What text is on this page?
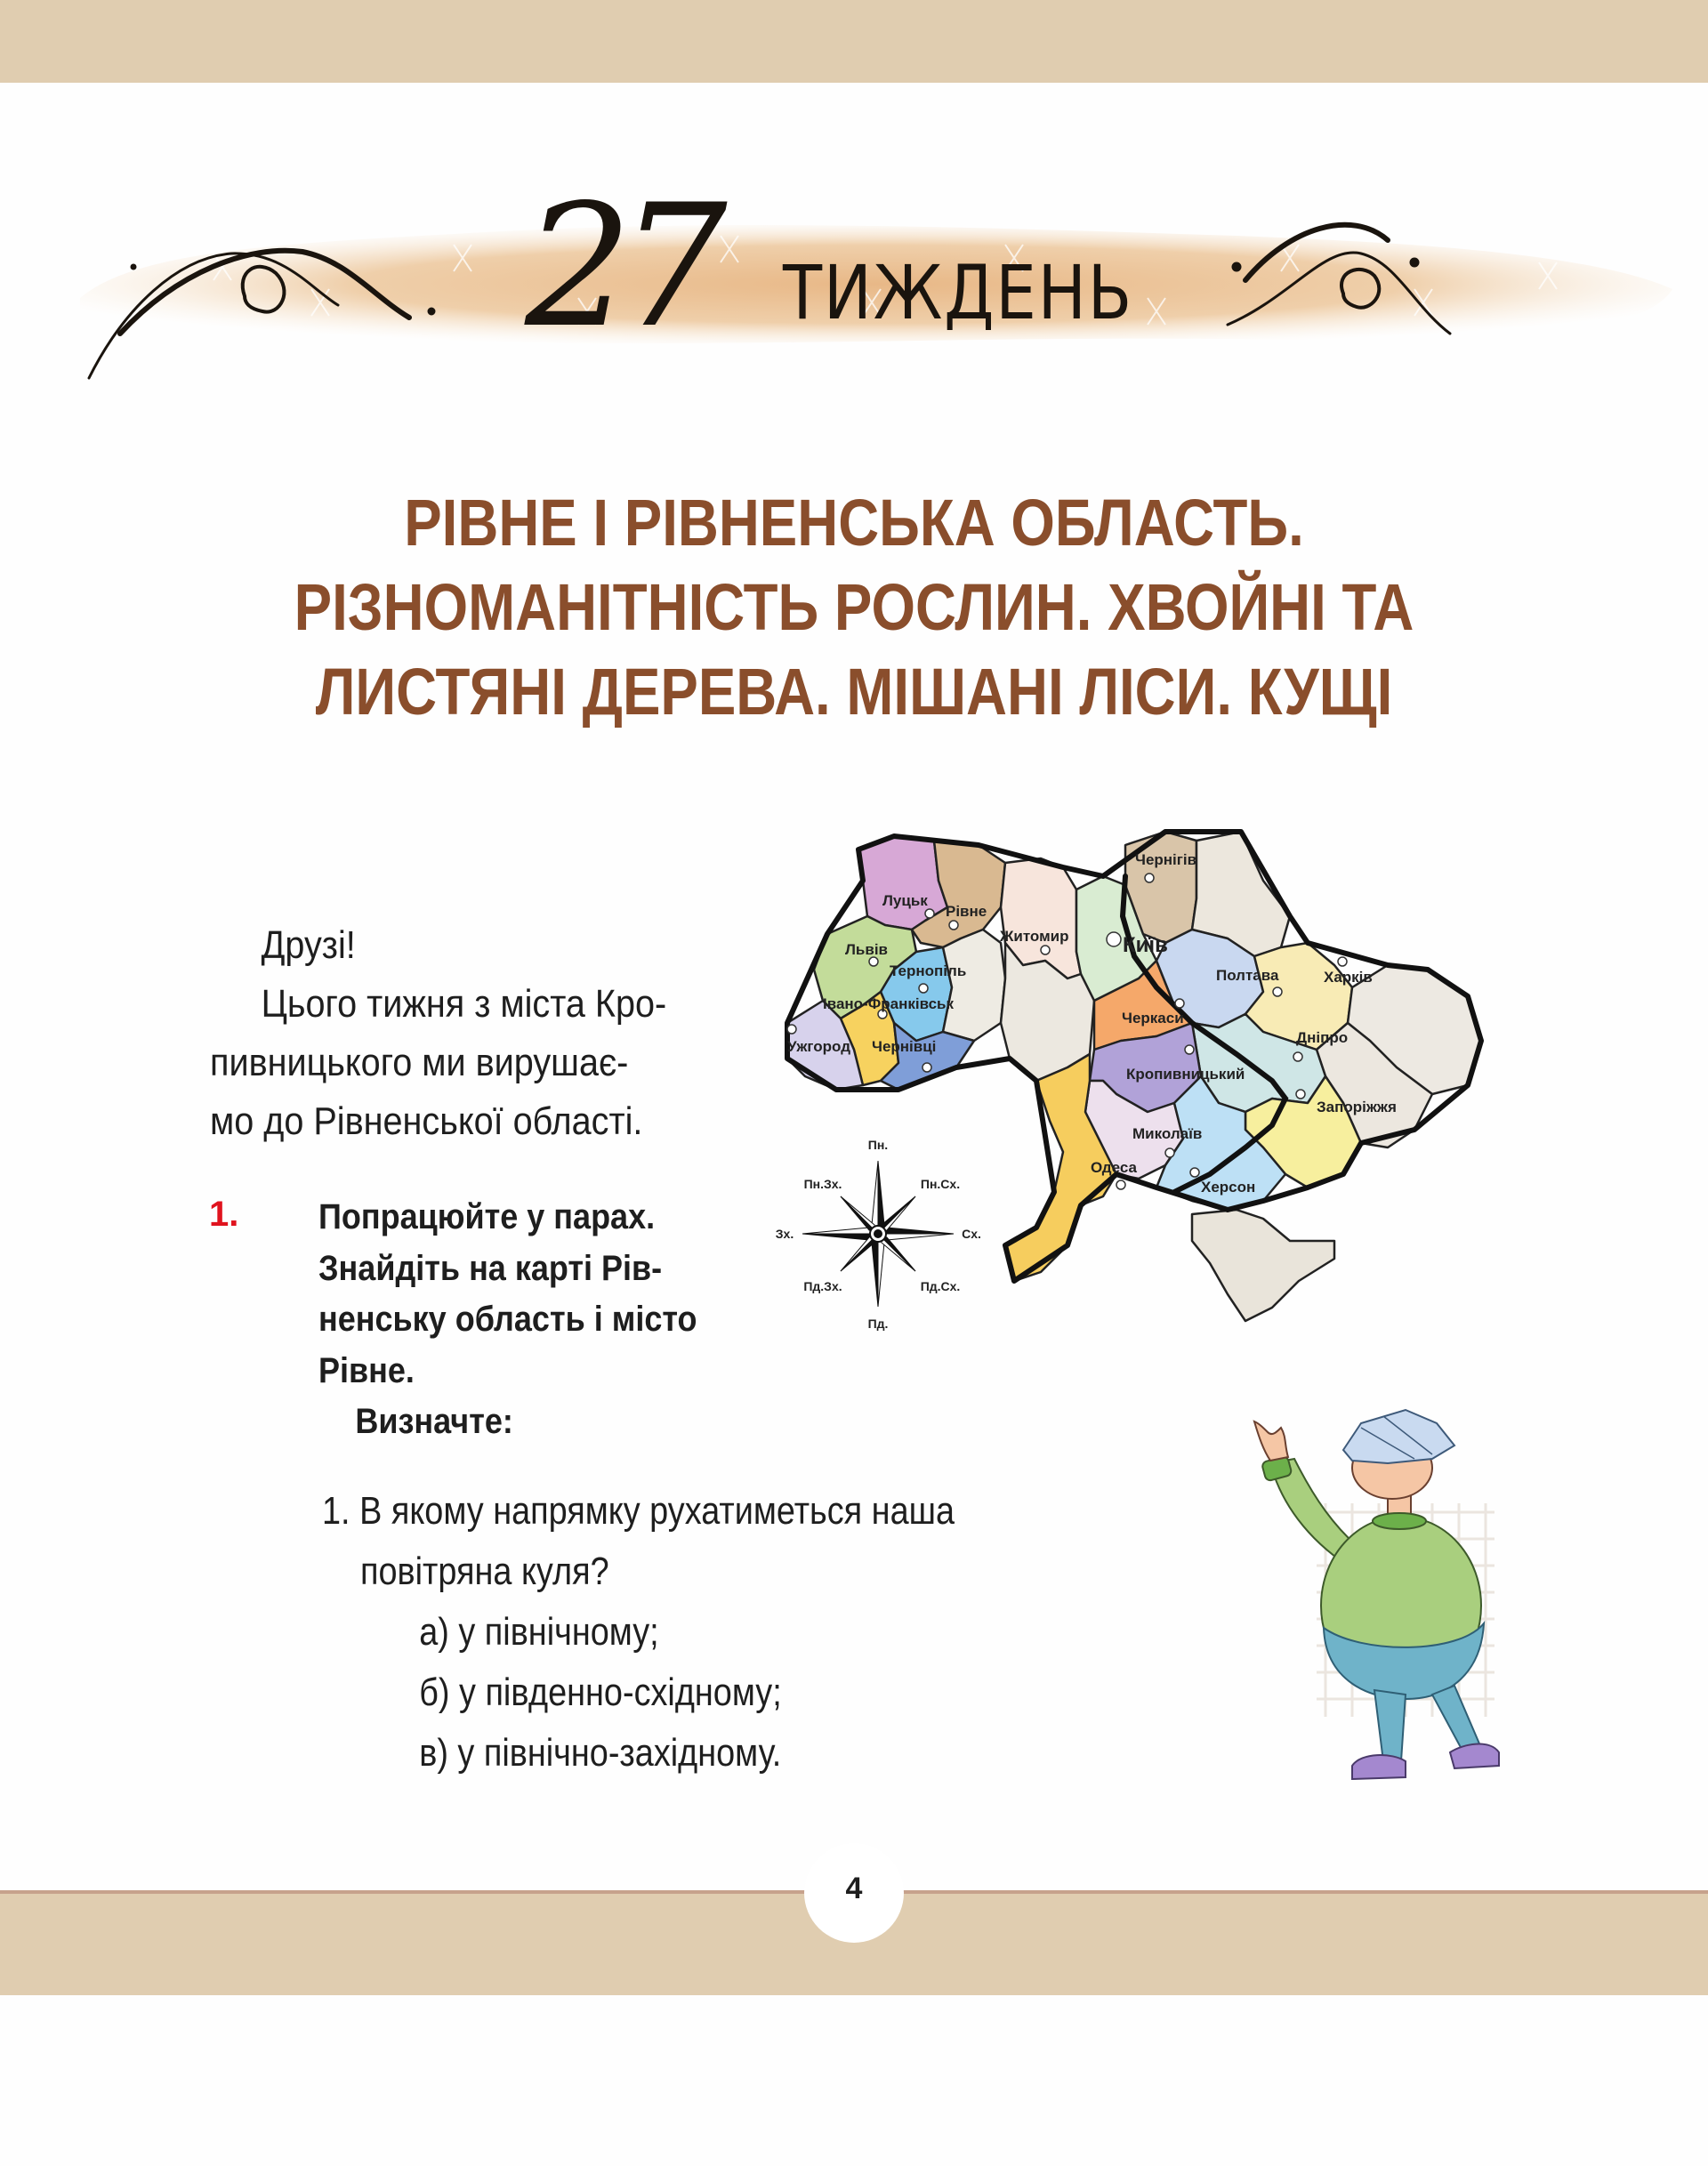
27 ТИЖДЕНЬ
РІВНЕ І РІВНЕНСЬКА ОБЛАСТЬ.
РІЗНОМАНІТНІСТЬ РОСЛИН. ХВОЙНІ ТА
ЛИСТЯНІ ДЕРЕВА. МІШАНІ ЛІСИ. КУЩІ
Друзі!
Цього тижня з міста Кро-
пивницького ми вирушає-
мо до Рівненської області.
1. Попрацюйте у парах.
Знайдіть на карті Рів-
ненську область і місто
Рівне.
Визначте:
1. В якому напрямку рухатиметься наша
повітряна куля?
а) у північному;
б) у південно-східному;
в) у північно-західному.
Луцьк
Рівне
Житомир	Київ
Чернігів
Львів
Тернопіль
Івано-Франківськ
Ужгород Чернівці
Полтава	Харків
Черкаси
Дніпро
Кропивницький
Запоріжжя
Миколаїв
Одеса
Херсон
Пн.
Пд.
Сх.
Зх.
Пн.Сх.
Пн.Зх.
Пд.Сх.
Пд.Зх.
4
